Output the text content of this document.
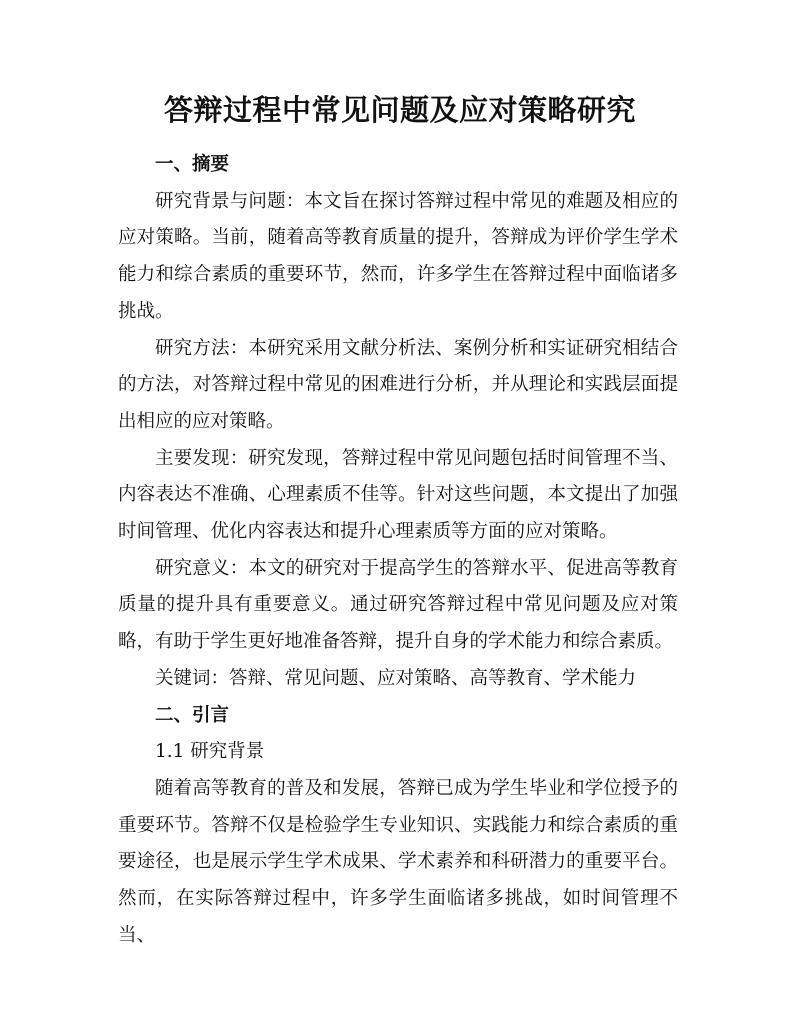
答辩过程中常见问题及应对策略研究

一、摘要

研究背景与问题：本文旨在探讨答辩过程中常见的难题及相应的应对策略。当前，随着高等教育质量的提升，答辩成为评价学生学术能力和综合素质的重要环节，然而，许多学生在答辩过程中面临诸多挑战。

研究方法：本研究采用文献分析法、案例分析和实证研究相结合的方法，对答辩过程中常见的困难进行分析，并从理论和实践层面提出相应的应对策略。

主要发现：研究发现，答辩过程中常见问题包括时间管理不当、内容表达不准确、心理素质不佳等。针对这些问题，本文提出了加强时间管理、优化内容表达和提升心理素质等方面的应对策略。

研究意义：本文的研究对于提高学生的答辩水平、促进高等教育质量的提升具有重要意义。通过研究答辩过程中常见问题及应对策略，有助于学生更好地准备答辩，提升自身的学术能力和综合素质。

关键词：答辩、常见问题、应对策略、高等教育、学术能力

二、引言

1.1 研究背景

随着高等教育的普及和发展，答辩已成为学生毕业和学位授予的重要环节。答辩不仅是检验学生专业知识、实践能力和综合素质的重要途径，也是展示学生学术成果、学术素养和科研潜力的重要平台。然而，在实际答辩过程中，许多学生面临诸多挑战，如时间管理不当、
